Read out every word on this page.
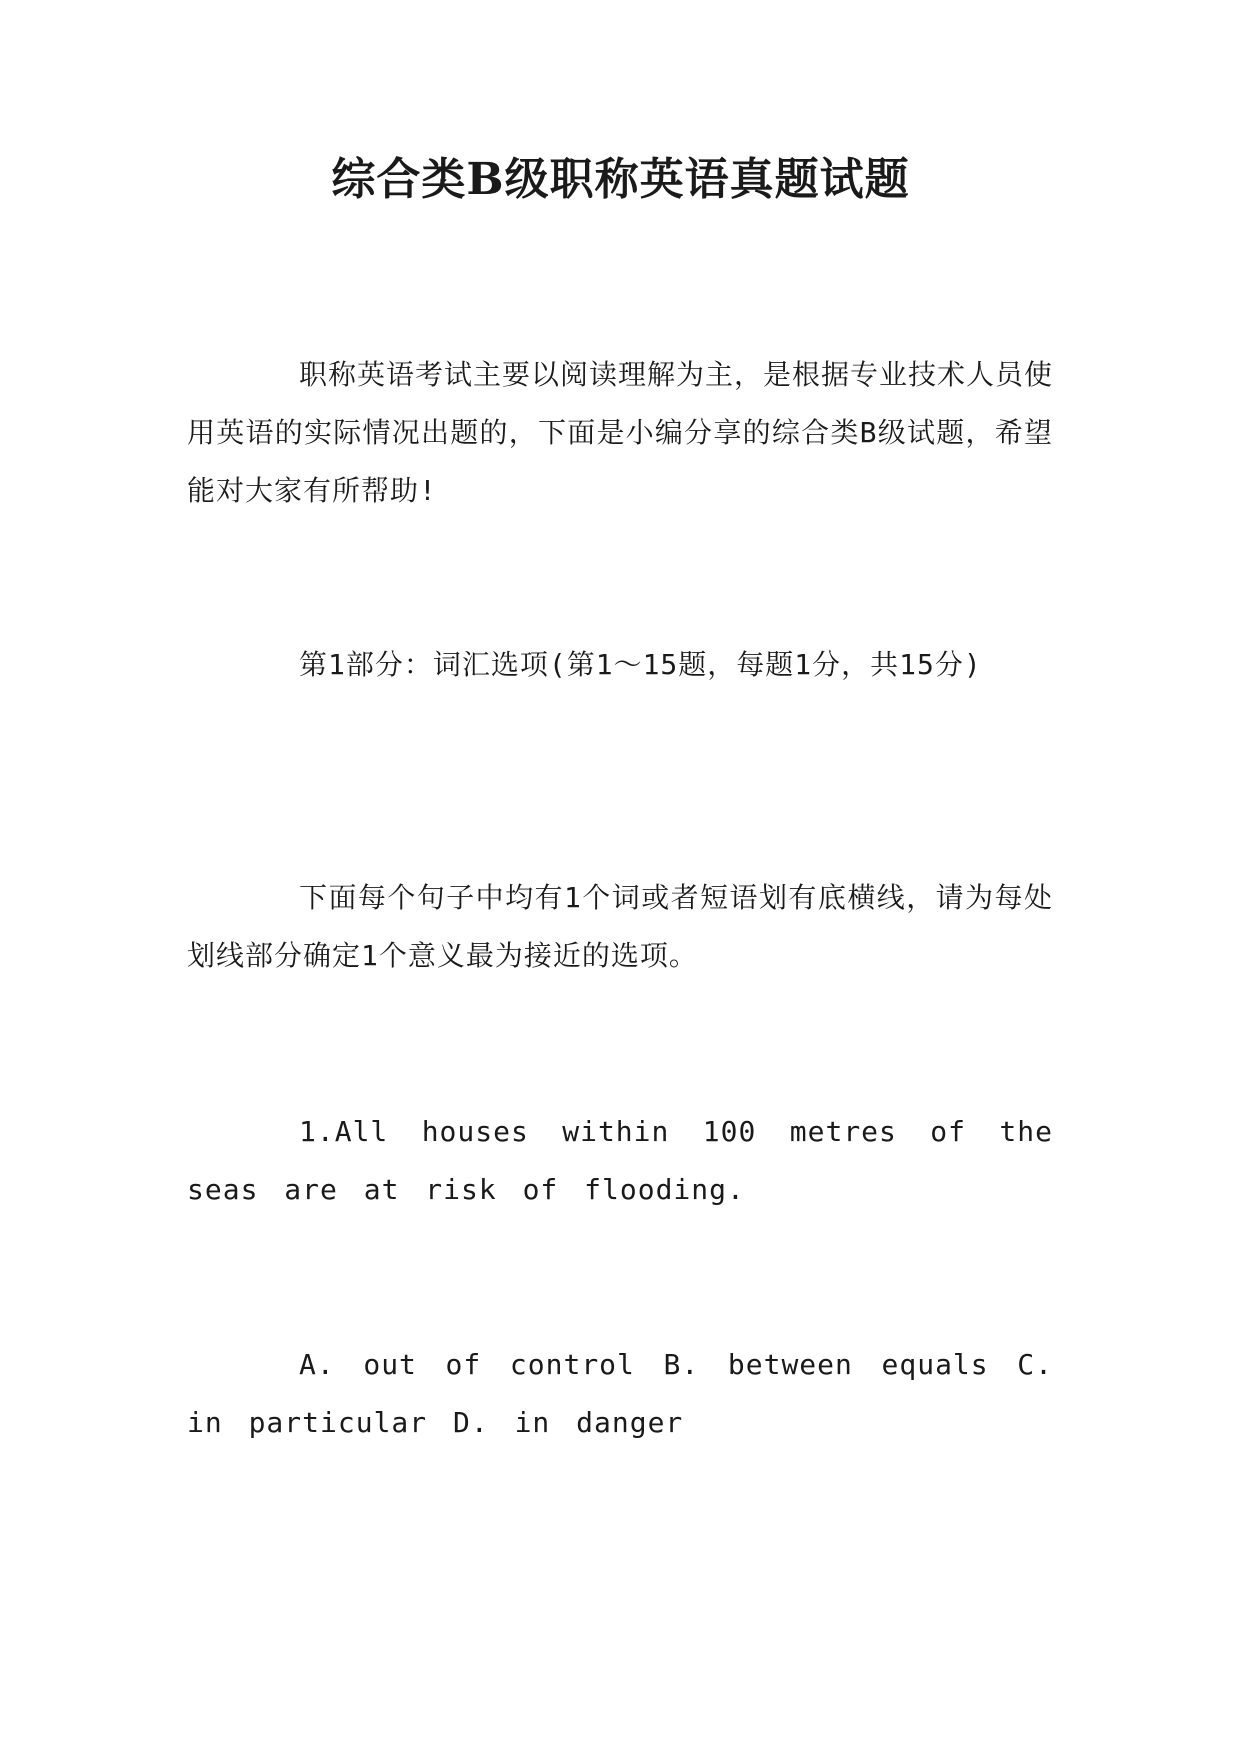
综合类B级职称英语真题试题

职称英语考试主要以阅读理解为主，是根据专业技术人员使用英语的实际情况出题的，下面是小编分享的综合类B级试题，希望能对大家有所帮助!

第1部分：词汇选项(第1～15题，每题1分，共15分)

下面每个句子中均有1个词或者短语划有底横线，请为每处划线部分确定1个意义最为接近的选项。

1.All houses within 100 metres of the seas are at risk of flooding.

A. out of control B. between equals C. in particular D. in danger
